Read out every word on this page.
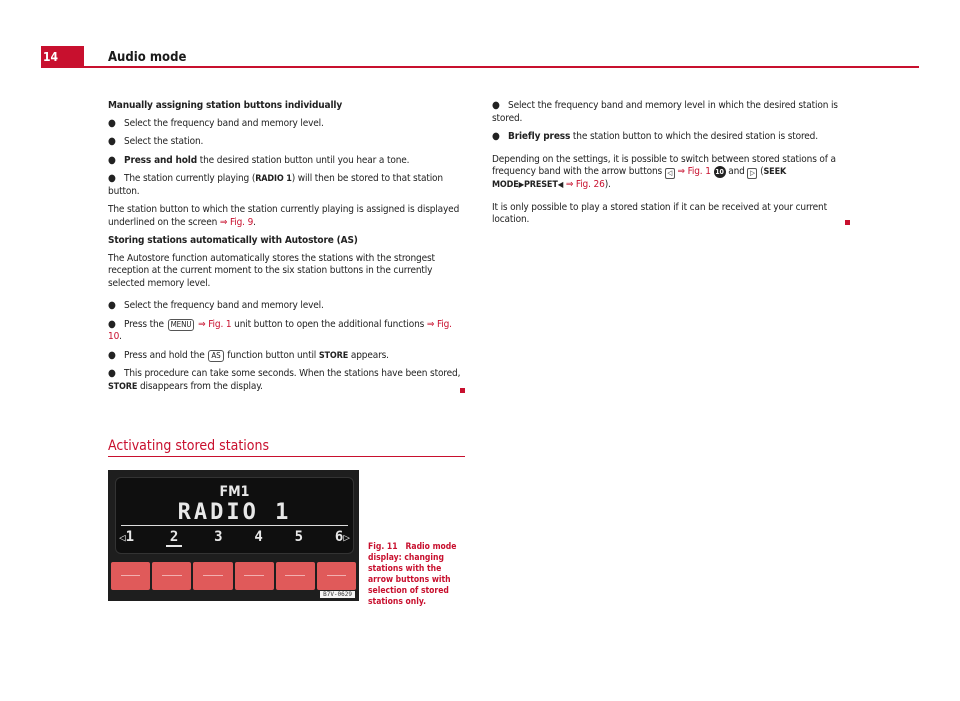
14	Audio mode

Manually assigning station buttons individually

● Select the frequency band and memory level.

● Select the station.

● Press and hold the desired station button until you hear a tone.

● The station currently playing (RADIO 1) will then be stored to that station button.

The station button to which the station currently playing is assigned is displayed underlined on the screen ⇒ Fig. 9.

Storing stations automatically with Autostore (AS)

The Autostore function automatically stores the stations with the strongest reception at the current moment to the six station buttons in the currently selected memory level.

● Select the frequency band and memory level.

● Press the MENU ⇒ Fig. 1 unit button to open the additional functions ⇒ Fig. 10.

● Press and hold the AS function button until STORE appears.

● This procedure can take some seconds. When the stations have been stored, STORE disappears from the display.

Activating stored stations
FM1
RADIO 1
◁1	2	3 4 5 6▷
B7V-0629
Fig. 11 Radio mode display: changing stations with the arrow buttons with selection of stored stations only.

● Select the frequency band and memory level in which the desired station is stored.

● Briefly press the station button to which the desired station is stored.

Depending on the settings, it is possible to switch between stored stations of a frequency band with the arrow buttons ◁ ⇒ Fig. 1 10 and ▷ (SEEK MODE▶PRESET◀ ⇒ Fig. 26).

It is only possible to play a stored station if it can be received at your current location.
